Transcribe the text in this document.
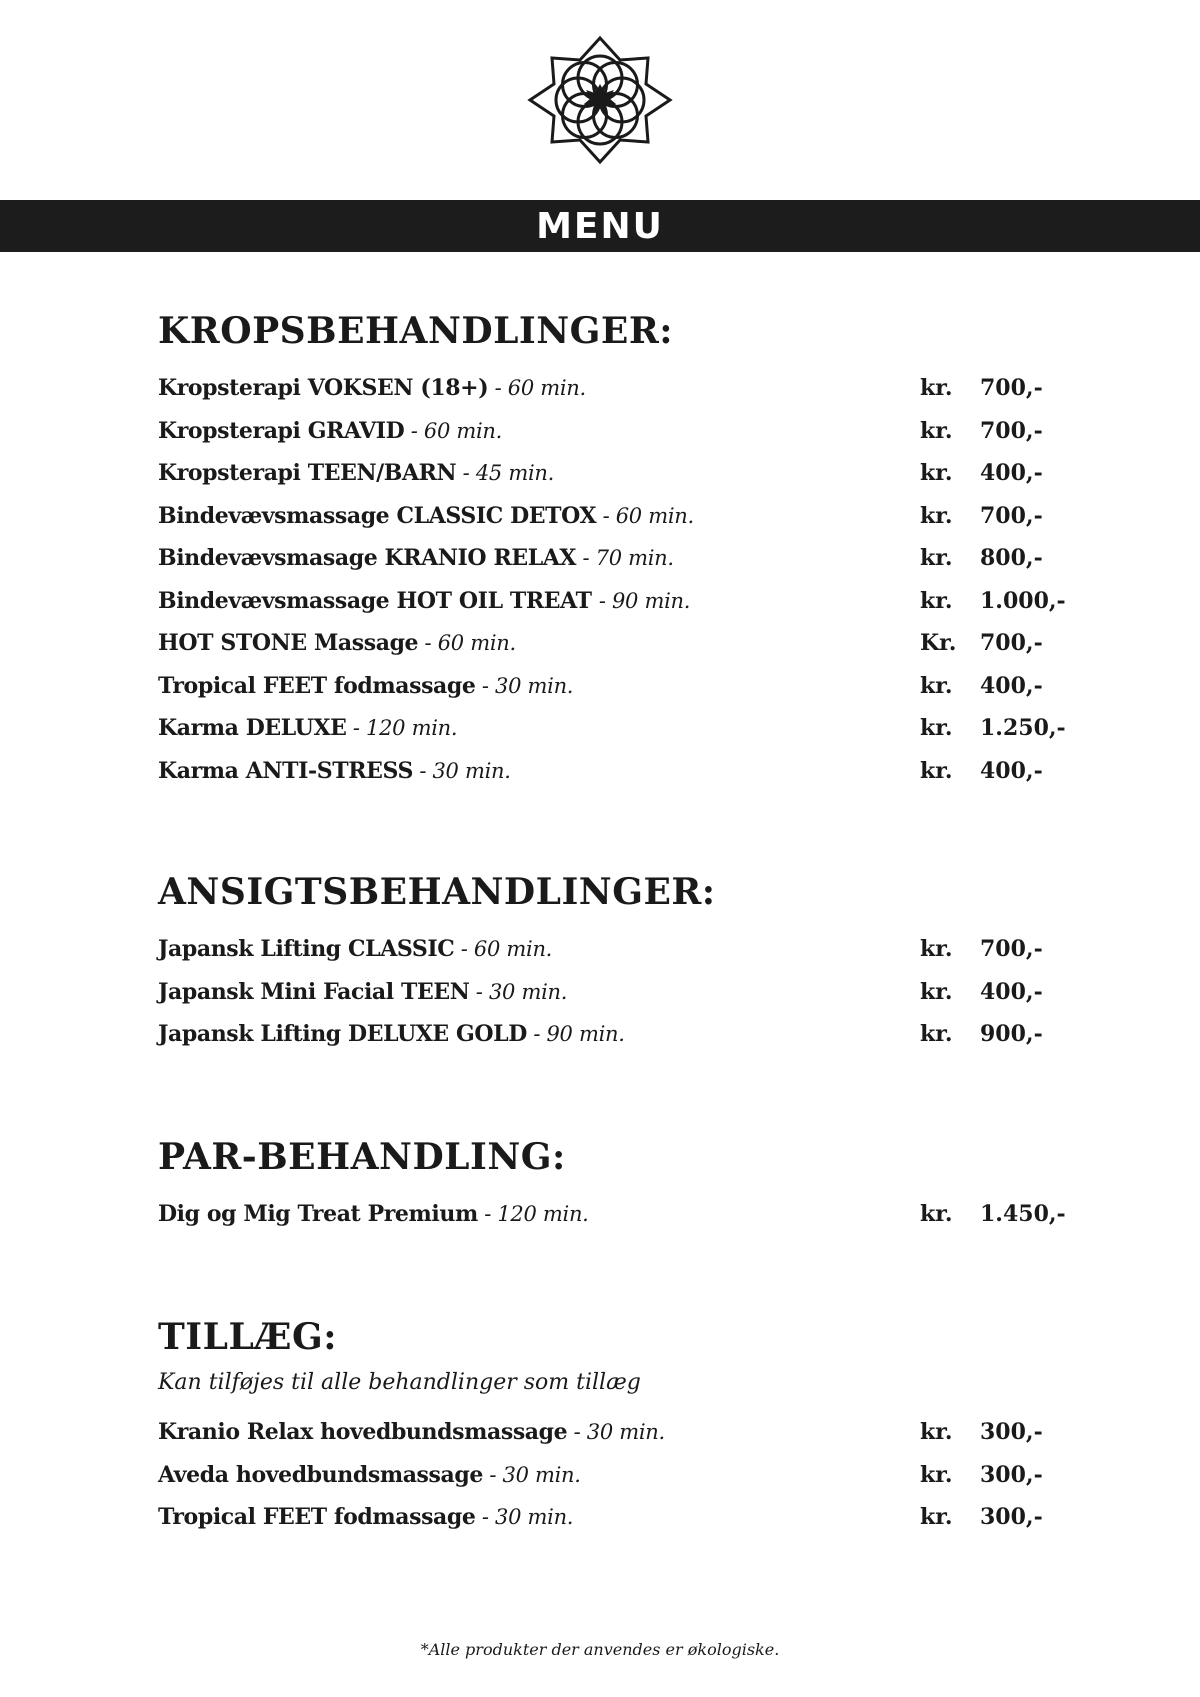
MENU
KROPSBEHANDLINGER:
Kropsterapi VOKSEN (18+) - 60 min.	kr. 700,-
Kropsterapi GRAVID - 60 min.	kr. 700,-
Kropsterapi TEEN/BARN - 45 min.	kr. 400,-
Bindevævsmassage CLASSIC DETOX - 60 min.	kr. 700,-
Bindevævsmasage KRANIO RELAX - 70 min.	kr. 800,-
Bindevævsmassage HOT OIL TREAT - 90 min.	kr. 1.000,-
HOT STONE Massage - 60 min.	Kr. 700,-
Tropical FEET fodmassage - 30 min.	kr. 400,-
Karma DELUXE - 120 min.	kr. 1.250,-
Karma ANTI-STRESS - 30 min.	kr. 400,-
ANSIGTSBEHANDLINGER:
Japansk Lifting CLASSIC - 60 min.	kr. 700,-
Japansk Mini Facial TEEN - 30 min.	kr. 400,-
Japansk Lifting DELUXE GOLD - 90 min.	kr. 900,-
PAR-BEHANDLING:
Dig og Mig Treat Premium - 120 min.	kr. 1.450,-
TILLÆG:

Kan tilføjes til alle behandlinger som tillæg

Kranio Relax hovedbundsmassage - 30 min.	kr. 300,-
Aveda hovedbundsmassage - 30 min.	kr. 300,-
Tropical FEET fodmassage - 30 min.	kr. 300,-
*Alle produkter der anvendes er økologiske.
